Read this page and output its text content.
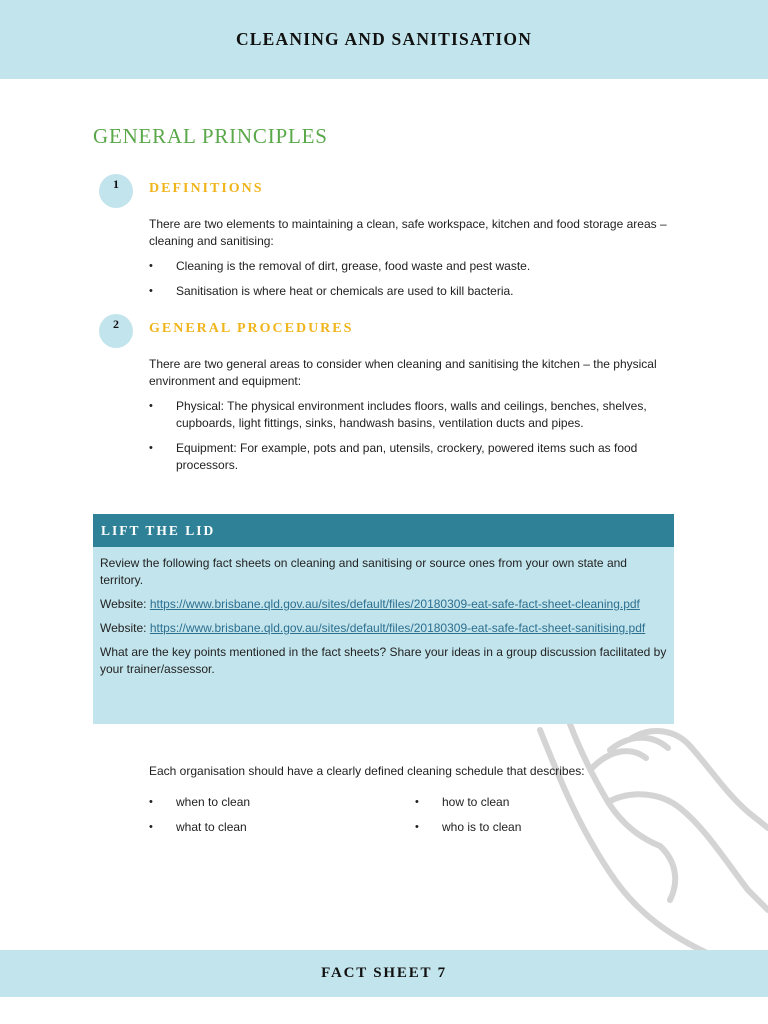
CLEANING AND SANITISATION
GENERAL PRINCIPLES
1	DEFINITIONS

There are two elements to maintaining a clean, safe workspace, kitchen and food storage areas – cleaning and sanitising:

•	Cleaning is the removal of dirt, grease, food waste and pest waste.
•	Sanitisation is where heat or chemicals are used to kill bacteria.
2	GENERAL PROCEDURES

There are two general areas to consider when cleaning and sanitising the kitchen – the physical environment and equipment:

•	Physical: The physical environment includes floors, walls and ceilings, benches, shelves, cupboards, light fittings, sinks, handwash basins, ventilation ducts and pipes.
•	Equipment: For example, pots and pan, utensils, crockery, powered items such as food processors.
LIFT THE LID

Review the following fact sheets on cleaning and sanitising or source ones from your own state and territory.

Website: https://www.brisbane.qld.gov.au/sites/default/files/20180309-eat-safe-fact-sheet-cleaning.pdf

Website: https://www.brisbane.qld.gov.au/sites/default/files/20180309-eat-safe-fact-sheet-sanitising.pdf

What are the key points mentioned in the fact sheets? Share your ideas in a group discussion facilitated by your trainer/assessor.

Each organisation should have a clearly defined cleaning schedule that describes:
• when to clean
• what to clean
• how to clean
• who is to clean
FACT SHEET 7
